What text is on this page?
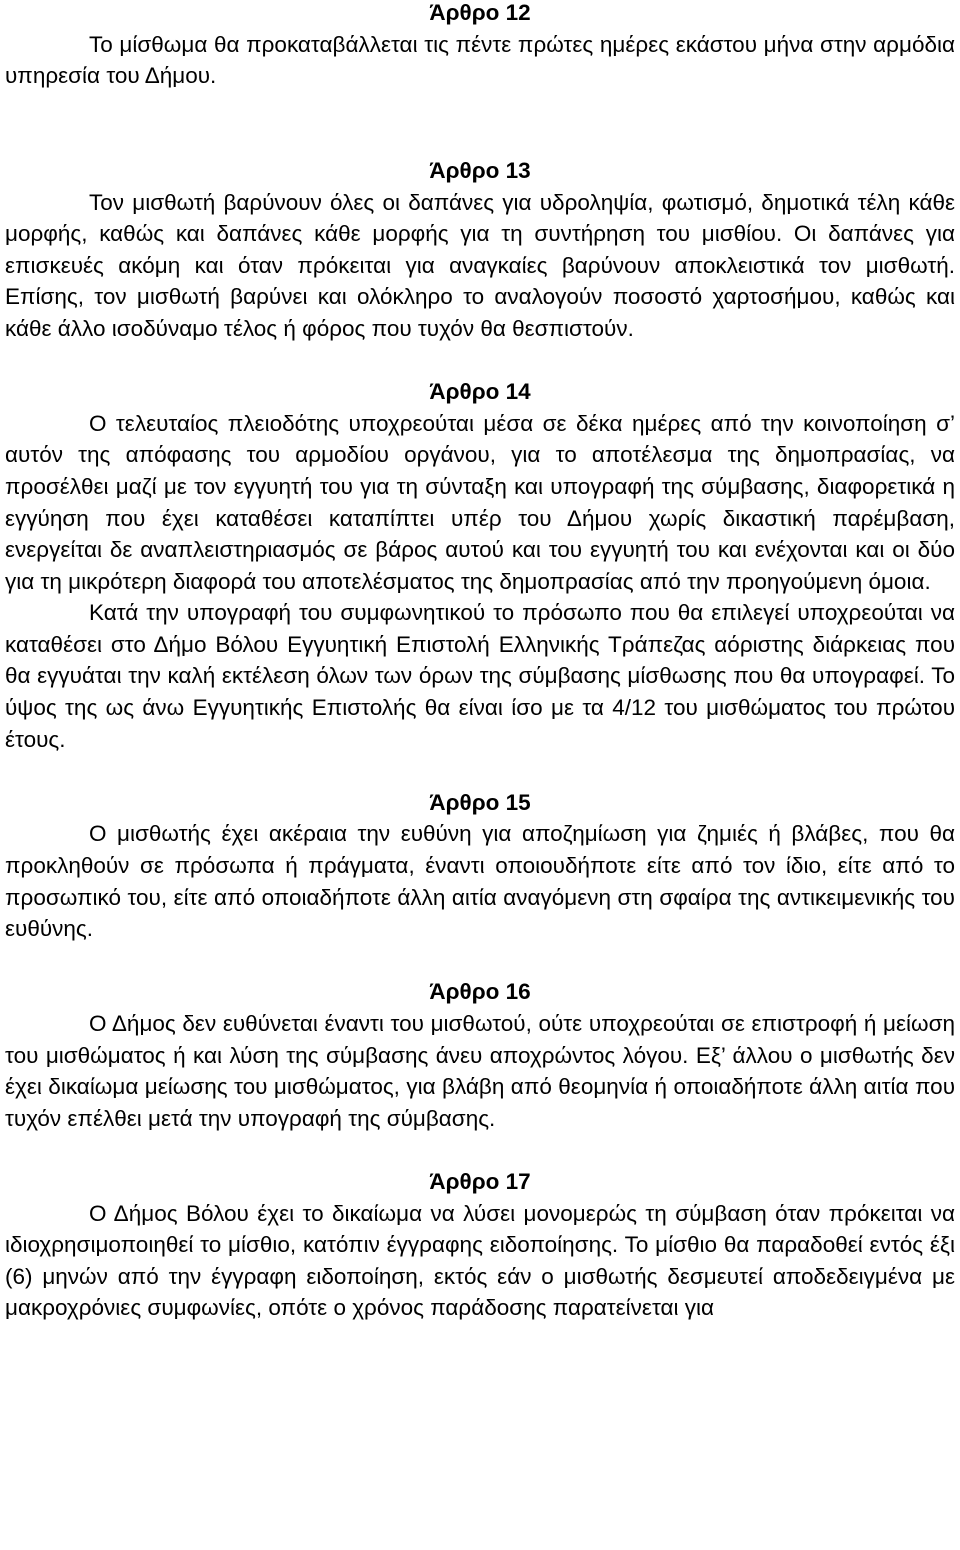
Άρθρο 12

Το μίσθωμα θα προκαταβάλλεται τις πέντε πρώτες ημέρες εκάστου μήνα στην αρμόδια υπηρεσία του Δήμου.

Άρθρο 13

Τον μισθωτή βαρύνουν όλες οι δαπάνες για υδροληψία, φωτισμό, δημοτικά τέλη κάθε μορφής, καθώς και δαπάνες κάθε μορφής για τη συντήρηση του μισθίου. Οι δαπάνες για επισκευές ακόμη και όταν πρόκειται για αναγκαίες βαρύνουν αποκλειστικά τον μισθωτή. Επίσης, τον μισθωτή βαρύνει και ολόκληρο το αναλογούν ποσοστό χαρτοσήμου, καθώς και κάθε άλλο ισοδύναμο τέλος ή φόρος που τυχόν θα θεσπιστούν.

Άρθρο 14

Ο τελευταίος πλειοδότης υποχρεούται μέσα σε δέκα ημέρες από την κοινοποίηση σ’ αυτόν της απόφασης του αρμοδίου οργάνου, για το αποτέλεσμα της δημοπρασίας, να προσέλθει μαζί με τον εγγυητή του για τη σύνταξη και υπογραφή της σύμβασης, διαφορετικά η εγγύηση που έχει καταθέσει καταπίπτει υπέρ του Δήμου χωρίς δικαστική παρέμβαση, ενεργείται δε αναπλειστηριασμός σε βάρος αυτού και του εγγυητή του και ενέχονται και οι δύο για τη μικρότερη διαφορά του αποτελέσματος της δημοπρασίας από την προηγούμενη όμοια.

Κατά την υπογραφή του συμφωνητικού το πρόσωπο που θα επιλεγεί υποχρεούται να καταθέσει στο Δήμο Βόλου Εγγυητική Επιστολή Ελληνικής Τράπεζας αόριστης διάρκειας που θα εγγυάται την καλή εκτέλεση όλων των όρων της σύμβασης μίσθωσης που θα υπογραφεί. Το ύψος της ως άνω Εγγυητικής Επιστολής θα είναι ίσο με τα 4/12 του μισθώματος του πρώτου έτους.

Άρθρο 15

Ο μισθωτής έχει ακέραια την ευθύνη για αποζημίωση για ζημιές ή βλάβες, που θα προκληθούν σε πρόσωπα ή πράγματα, έναντι οποιουδήποτε είτε από τον ίδιο, είτε από το προσωπικό του, είτε από οποιαδήποτε άλλη αιτία αναγόμενη στη σφαίρα της αντικειμενικής του ευθύνης.

Άρθρο 16

Ο Δήμος δεν ευθύνεται έναντι του μισθωτού, ούτε υποχρεούται σε επιστροφή ή μείωση του μισθώματος ή και λύση της σύμβασης άνευ αποχρώντος λόγου. Εξ’ άλλου ο μισθωτής δεν έχει δικαίωμα μείωσης του μισθώματος, για βλάβη από θεομηνία ή οποιαδήποτε άλλη αιτία που τυχόν επέλθει μετά την υπογραφή της σύμβασης.

Άρθρο 17

Ο Δήμος Βόλου έχει το δικαίωμα να λύσει μονομερώς τη σύμβαση όταν πρόκειται να ιδιοχρησιμοποιηθεί το μίσθιο, κατόπιν έγγραφης ειδοποίησης. Το μίσθιο θα παραδοθεί εντός έξι (6) μηνών από την έγγραφη ειδοποίηση, εκτός εάν ο μισθωτής δεσμευτεί αποδεδειγμένα με μακροχρόνιες συμφωνίες, οπότε ο χρόνος παράδοσης παρατείνεται για
